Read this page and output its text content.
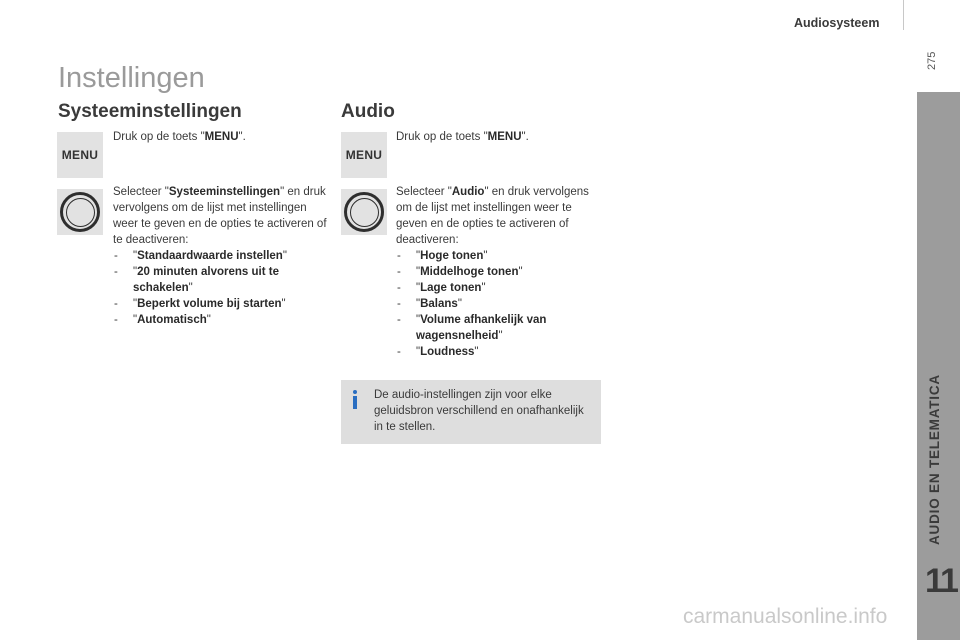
Audiosysteem
275
AUDIO EN TELEMATICA
11
Instellingen
Systeeminstellingen
MENU
Druk op de toets "MENU".
Selecteer "Systeeminstellingen" en druk vervolgens om de lijst met instellingen weer te geven en de opties te activeren of te deactiveren:
- "Standaardwaarde instellen"
- "20 minuten alvorens uit te schakelen"
- "Beperkt volume bij starten"
- "Automatisch"
Audio
MENU
Druk op de toets "MENU".
Selecteer "Audio" en druk vervolgens om de lijst met instellingen weer te geven en de opties te activeren of deactiveren:
- "Hoge tonen"
- "Middelhoge tonen"
- "Lage tonen"
- "Balans"
- "Volume afhankelijk van wagensnelheid"
- "Loudness"
De audio-instellingen zijn voor elke geluidsbron verschillend en onafhankelijk in te stellen.
carmanualsonline.info
